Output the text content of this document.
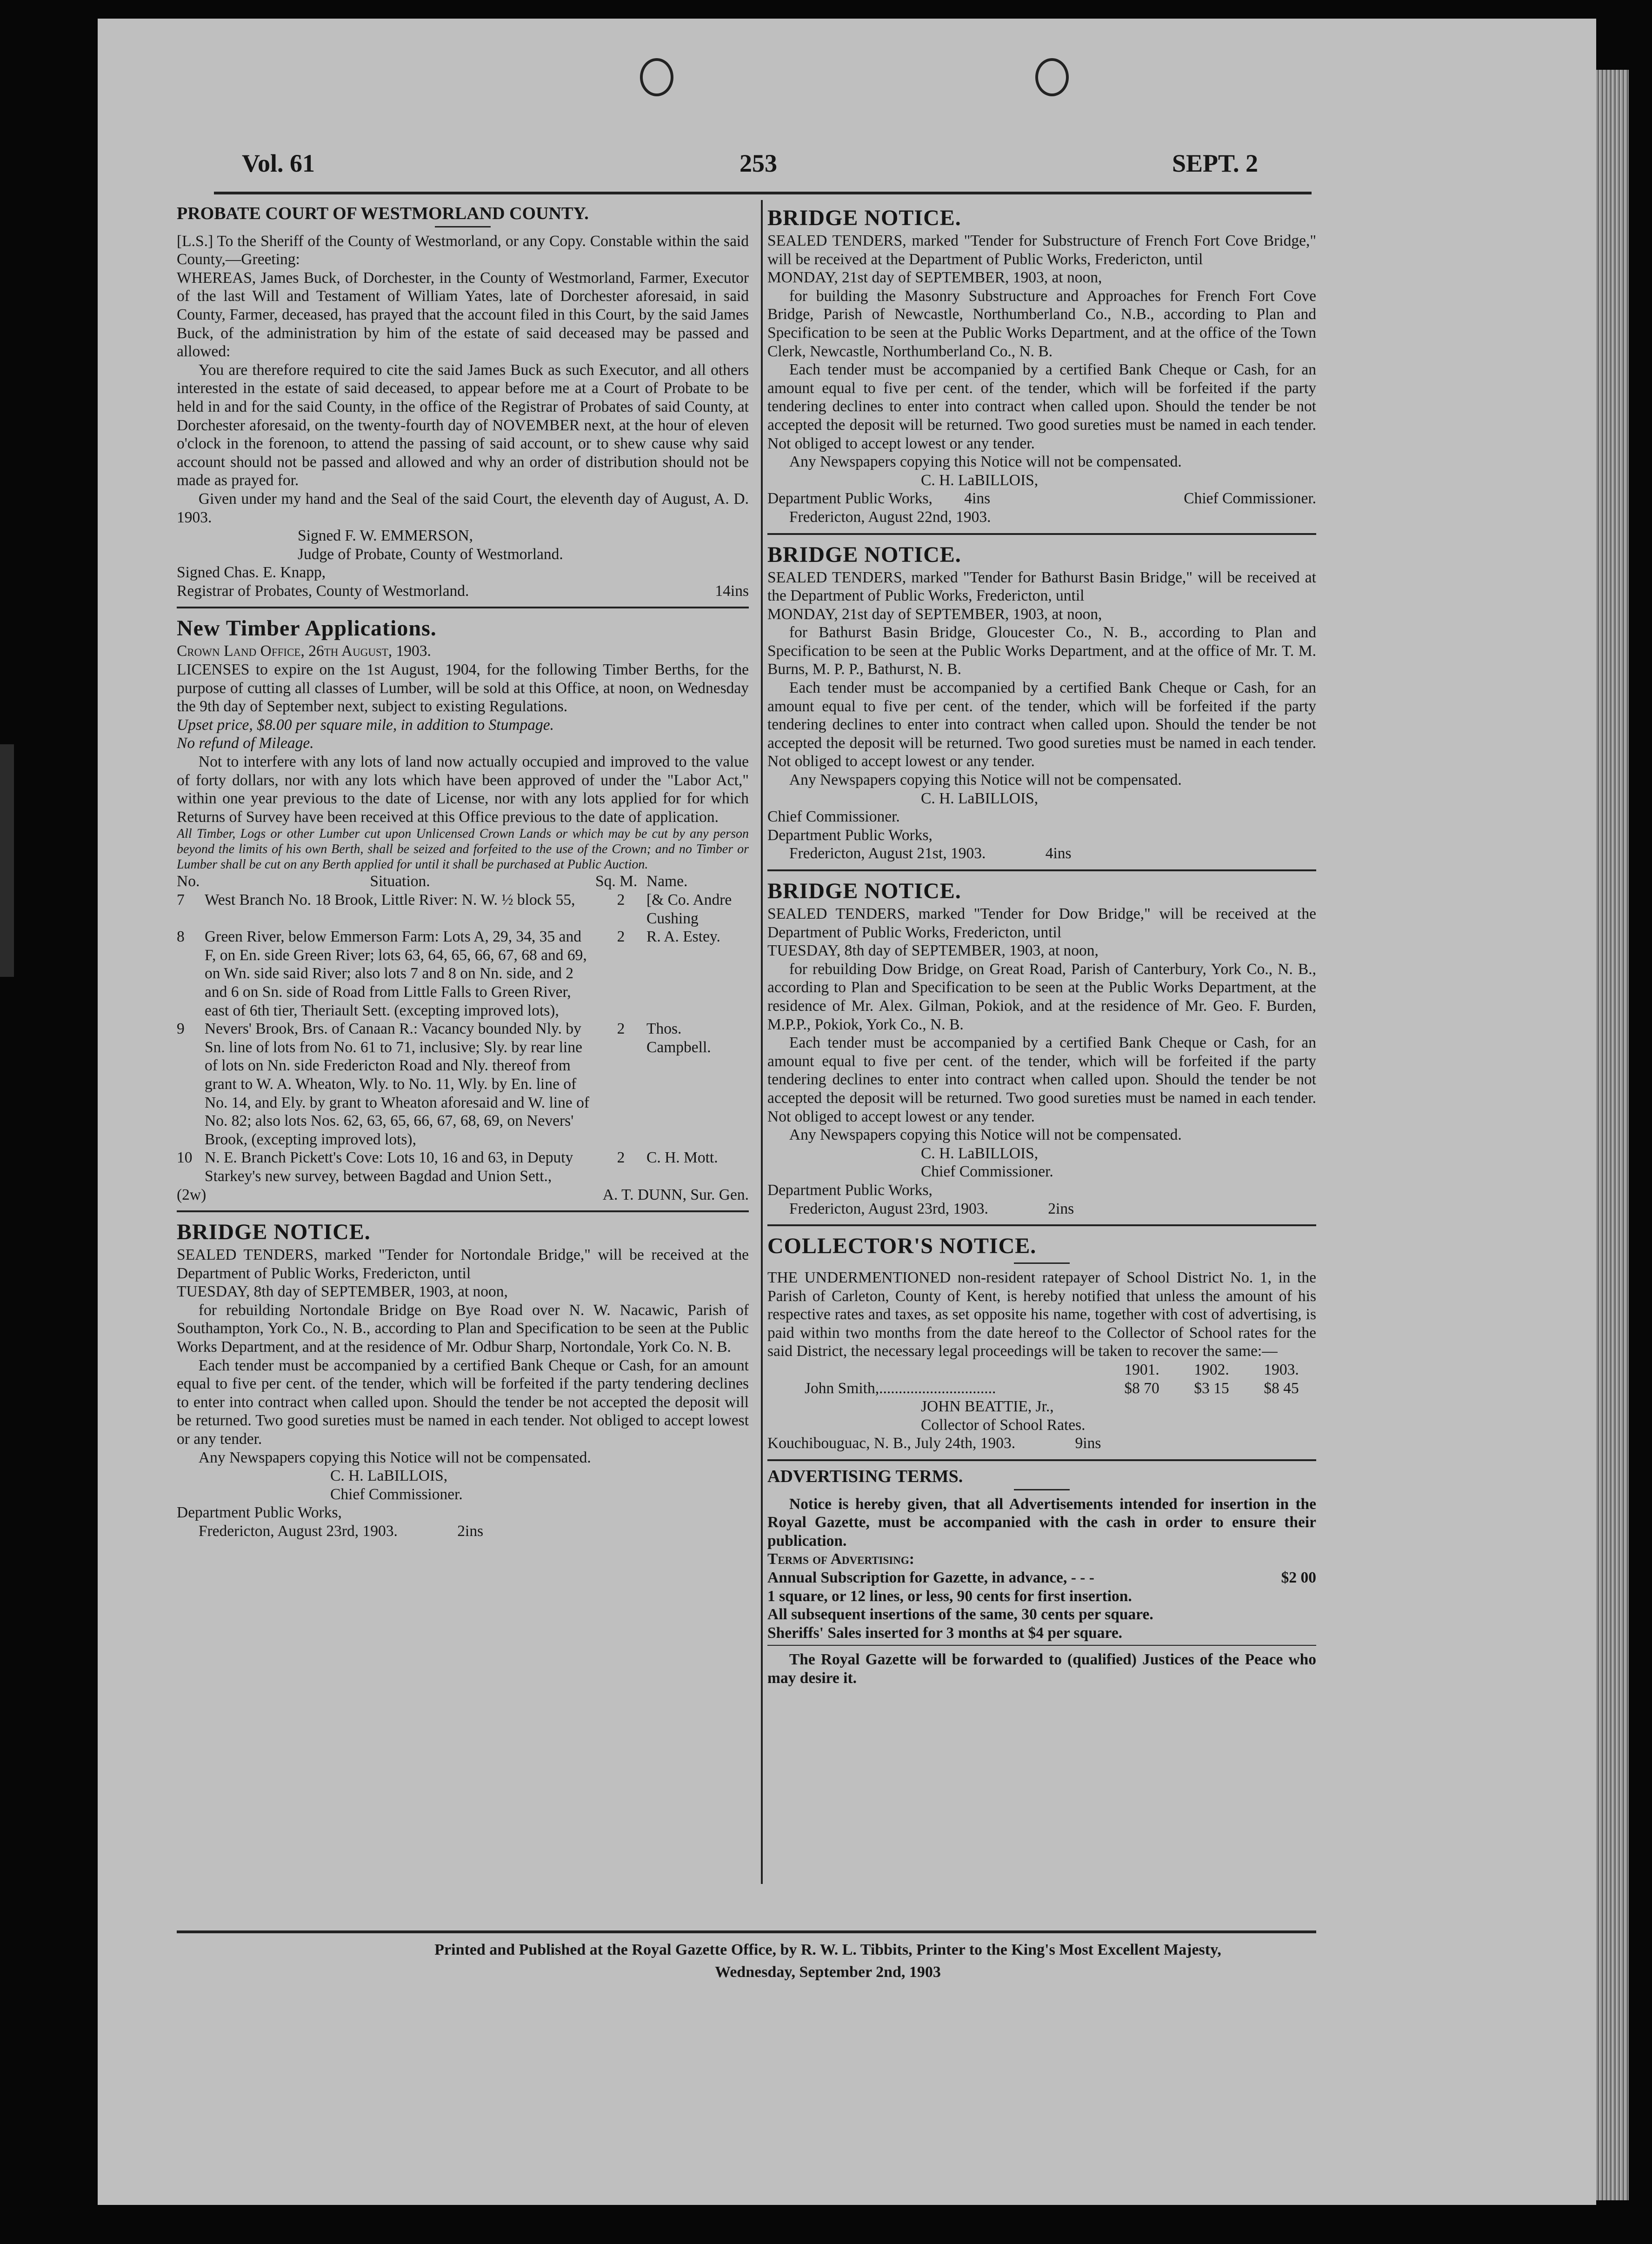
Vol. 61	253	SEPT. 2

PROBATE COURT OF WESTMORLAND COUNTY.

[L.S.] To the Sheriff of the County of Westmorland, or any Copy. Constable within the said County,—Greeting:

WHEREAS, James Buck, of Dorchester, in the County of Westmorland, Farmer, Executor of the last Will and Testament of William Yates, late of Dorchester aforesaid, in said County, Farmer, deceased, has prayed that the account filed in this Court, by the said James Buck, of the administration by him of the estate of said deceased may be passed and allowed:

You are therefore required to cite the said James Buck as such Executor, and all others interested in the estate of said deceased, to appear before me at a Court of Probate to be held in and for the said County, in the office of the Registrar of Probates of said County, at Dorchester aforesaid, on the twenty-fourth day of NOVEMBER next, at the hour of eleven o'clock in the forenoon, to attend the passing of said account, or to shew cause why said account should not be passed and allowed and why an order of distribution should not be made as prayed for.

Given under my hand and the Seal of the said Court, the eleventh day of August, A. D. 1903.

Signed F. W. EMMERSON,

Judge of Probate, County of Westmorland.

Signed Chas. E. Knapp,

Registrar of Probates, County of Westmorland.	14ins

New Timber Applications.

Crown Land Office, 26th August, 1903.

LICENSES to expire on the 1st August, 1904, for the following Timber Berths, for the purpose of cutting all classes of Lumber, will be sold at this Office, at noon, on Wednesday the 9th day of September next, subject to existing Regulations.

Upset price, $8.00 per square mile, in addition to Stumpage.

No refund of Mileage.

Not to interfere with any lots of land now actually occupied and improved to the value of forty dollars, nor with any lots which have been approved of under the "Labor Act," within one year previous to the date of License, nor with any lots applied for for which Returns of Survey have been received at this Office previous to the date of application.

All Timber, Logs or other Lumber cut upon Unlicensed Crown Lands or which may be cut by any person beyond the limits of his own Berth, shall be seized and forfeited to the use of the Crown; and no Timber or Lumber shall be cut on any Berth applied for until it shall be purchased at Public Auction.

No.	Situation.	Sq. M.	Name.
7	West Branch No. 18 Brook, Little River: N. W. ½ block 55,	2	[& Co. Andre Cushing
8	Green River, below Emmerson Farm: Lots A, 29, 34, 35 and F, on En. side Green River; lots 63, 64, 65, 66, 67, 68 and 69, on Wn. side said River; also lots 7 and 8 on Nn. side, and 2 and 6 on Sn. side of Road from Little Falls to Green River, east of 6th tier, Theriault Sett. (excepting improved lots),	2	R. A. Estey.
9	Nevers' Brook, Brs. of Canaan R.: Vacancy bounded Nly. by Sn. line of lots from No. 61 to 71, inclusive; Sly. by rear line of lots on Nn. side Fredericton Road and Nly. thereof from grant to W. A. Wheaton, Wly. to No. 11, Wly. by En. line of No. 14, and Ely. by grant to Wheaton aforesaid and W. line of No. 82; also lots Nos. 62, 63, 65, 66, 67, 68, 69, on Nevers' Brook, (excepting improved lots),	2	Thos. Campbell.
10	N. E. Branch Pickett's Cove: Lots 10, 16 and 63, in Deputy Starkey's new survey, between Bagdad and Union Sett.,	2	C. H. Mott.

(2w)	A. T. DUNN, Sur. Gen.

BRIDGE NOTICE.

SEALED TENDERS, marked "Tender for Nortondale Bridge," will be received at the Department of Public Works, Fredericton, until

TUESDAY, 8th day of SEPTEMBER, 1903, at noon,

for rebuilding Nortondale Bridge on Bye Road over N. W. Nacawic, Parish of Southampton, York Co., N. B., according to Plan and Specification to be seen at the Public Works Department, and at the residence of Mr. Odbur Sharp, Nortondale, York Co. N. B.

Each tender must be accompanied by a certified Bank Cheque or Cash, for an amount equal to five per cent. of the tender, which will be forfeited if the party tendering declines to enter into contract when called upon. Should the tender be not accepted the deposit will be returned. Two good sureties must be named in each tender. Not obliged to accept lowest or any tender.

Any Newspapers copying this Notice will not be compensated.

C. H. LaBILLOIS,

Chief Commissioner.

Department Public Works,

Fredericton, August 23rd, 1903.	2ins

BRIDGE NOTICE.

SEALED TENDERS, marked "Tender for Substructure of French Fort Cove Bridge," will be received at the Department of Public Works, Fredericton, until

MONDAY, 21st day of SEPTEMBER, 1903, at noon,

for building the Masonry Substructure and Approaches for French Fort Cove Bridge, Parish of Newcastle, Northumberland Co., N.B., according to Plan and Specification to be seen at the Public Works Department, and at the office of the Town Clerk, Newcastle, Northumberland Co., N. B.

Each tender must be accompanied by a certified Bank Cheque or Cash, for an amount equal to five per cent. of the tender, which will be forfeited if the party tendering declines to enter into contract when called upon. Should the tender be not accepted the deposit will be returned. Two good sureties must be named in each tender. Not obliged to accept lowest or any tender.

Any Newspapers copying this Notice will not be compensated.

C. H. LaBILLOIS,

Department Public Works, 4ins	Chief Commissioner.

Fredericton, August 22nd, 1903.

BRIDGE NOTICE.

SEALED TENDERS, marked "Tender for Bathurst Basin Bridge," will be received at the Department of Public Works, Fredericton, until

MONDAY, 21st day of SEPTEMBER, 1903, at noon,

for Bathurst Basin Bridge, Gloucester Co., N. B., according to Plan and Specification to be seen at the Public Works Department, and at the office of Mr. T. M. Burns, M. P. P., Bathurst, N. B.

Each tender must be accompanied by a certified Bank Cheque or Cash, for an amount equal to five per cent. of the tender, which will be forfeited if the party tendering declines to enter into contract when called upon. Should the tender be not accepted the deposit will be returned. Two good sureties must be named in each tender. Not obliged to accept lowest or any tender.

Any Newspapers copying this Notice will not be compensated.

C. H. LaBILLOIS,

Chief Commissioner.

Department Public Works,

Fredericton, August 21st, 1903.	4ins

BRIDGE NOTICE.

SEALED TENDERS, marked "Tender for Dow Bridge," will be received at the Department of Public Works, Fredericton, until

TUESDAY, 8th day of SEPTEMBER, 1903, at noon,

for rebuilding Dow Bridge, on Great Road, Parish of Canterbury, York Co., N. B., according to Plan and Specification to be seen at the Public Works Department, at the residence of Mr. Alex. Gilman, Pokiok, and at the residence of Mr. Geo. F. Burden, M.P.P., Pokiok, York Co., N. B.

Each tender must be accompanied by a certified Bank Cheque or Cash, for an amount equal to five per cent. of the tender, which will be forfeited if the party tendering declines to enter into contract when called upon. Should the tender be not accepted the deposit will be returned. Two good sureties must be named in each tender. Not obliged to accept lowest or any tender.

Any Newspapers copying this Notice will not be compensated.

C. H. LaBILLOIS,

Chief Commissioner.

Department Public Works,

Fredericton, August 23rd, 1903.	2ins

COLLECTOR'S NOTICE.

THE UNDERMENTIONED non-resident ratepayer of School District No. 1, in the Parish of Carleton, County of Kent, is hereby notified that unless the amount of his respective rates and taxes, as set opposite his name, together with cost of advertising, is paid within two months from the date hereof to the Collector of School rates for the said District, the necessary legal proceedings will be taken to recover the same:—

	1901.	1902.	1903.
John Smith,..............................	$8 70	$3 15	$8 45

JOHN BEATTIE, Jr.,

Collector of School Rates.

Kouchibouguac, N. B., July 24th, 1903.	9ins

ADVERTISING TERMS.

Notice is hereby given, that all Advertisements intended for insertion in the Royal Gazette, must be accompanied with the cash in order to ensure their publication.

Terms of Advertising:

Annual Subscription for Gazette, in advance, - - -	$2 00

1 square, or 12 lines, or less, 90 cents for first insertion.

All subsequent insertions of the same, 30 cents per square.

Sheriffs' Sales inserted for 3 months at $4 per square.

The Royal Gazette will be forwarded to (qualified) Justices of the Peace who may desire it.

Printed and Published at the Royal Gazette Office, by R. W. L. Tibbits, Printer to the King's Most Excellent Majesty,
Wednesday, September 2nd, 1903
